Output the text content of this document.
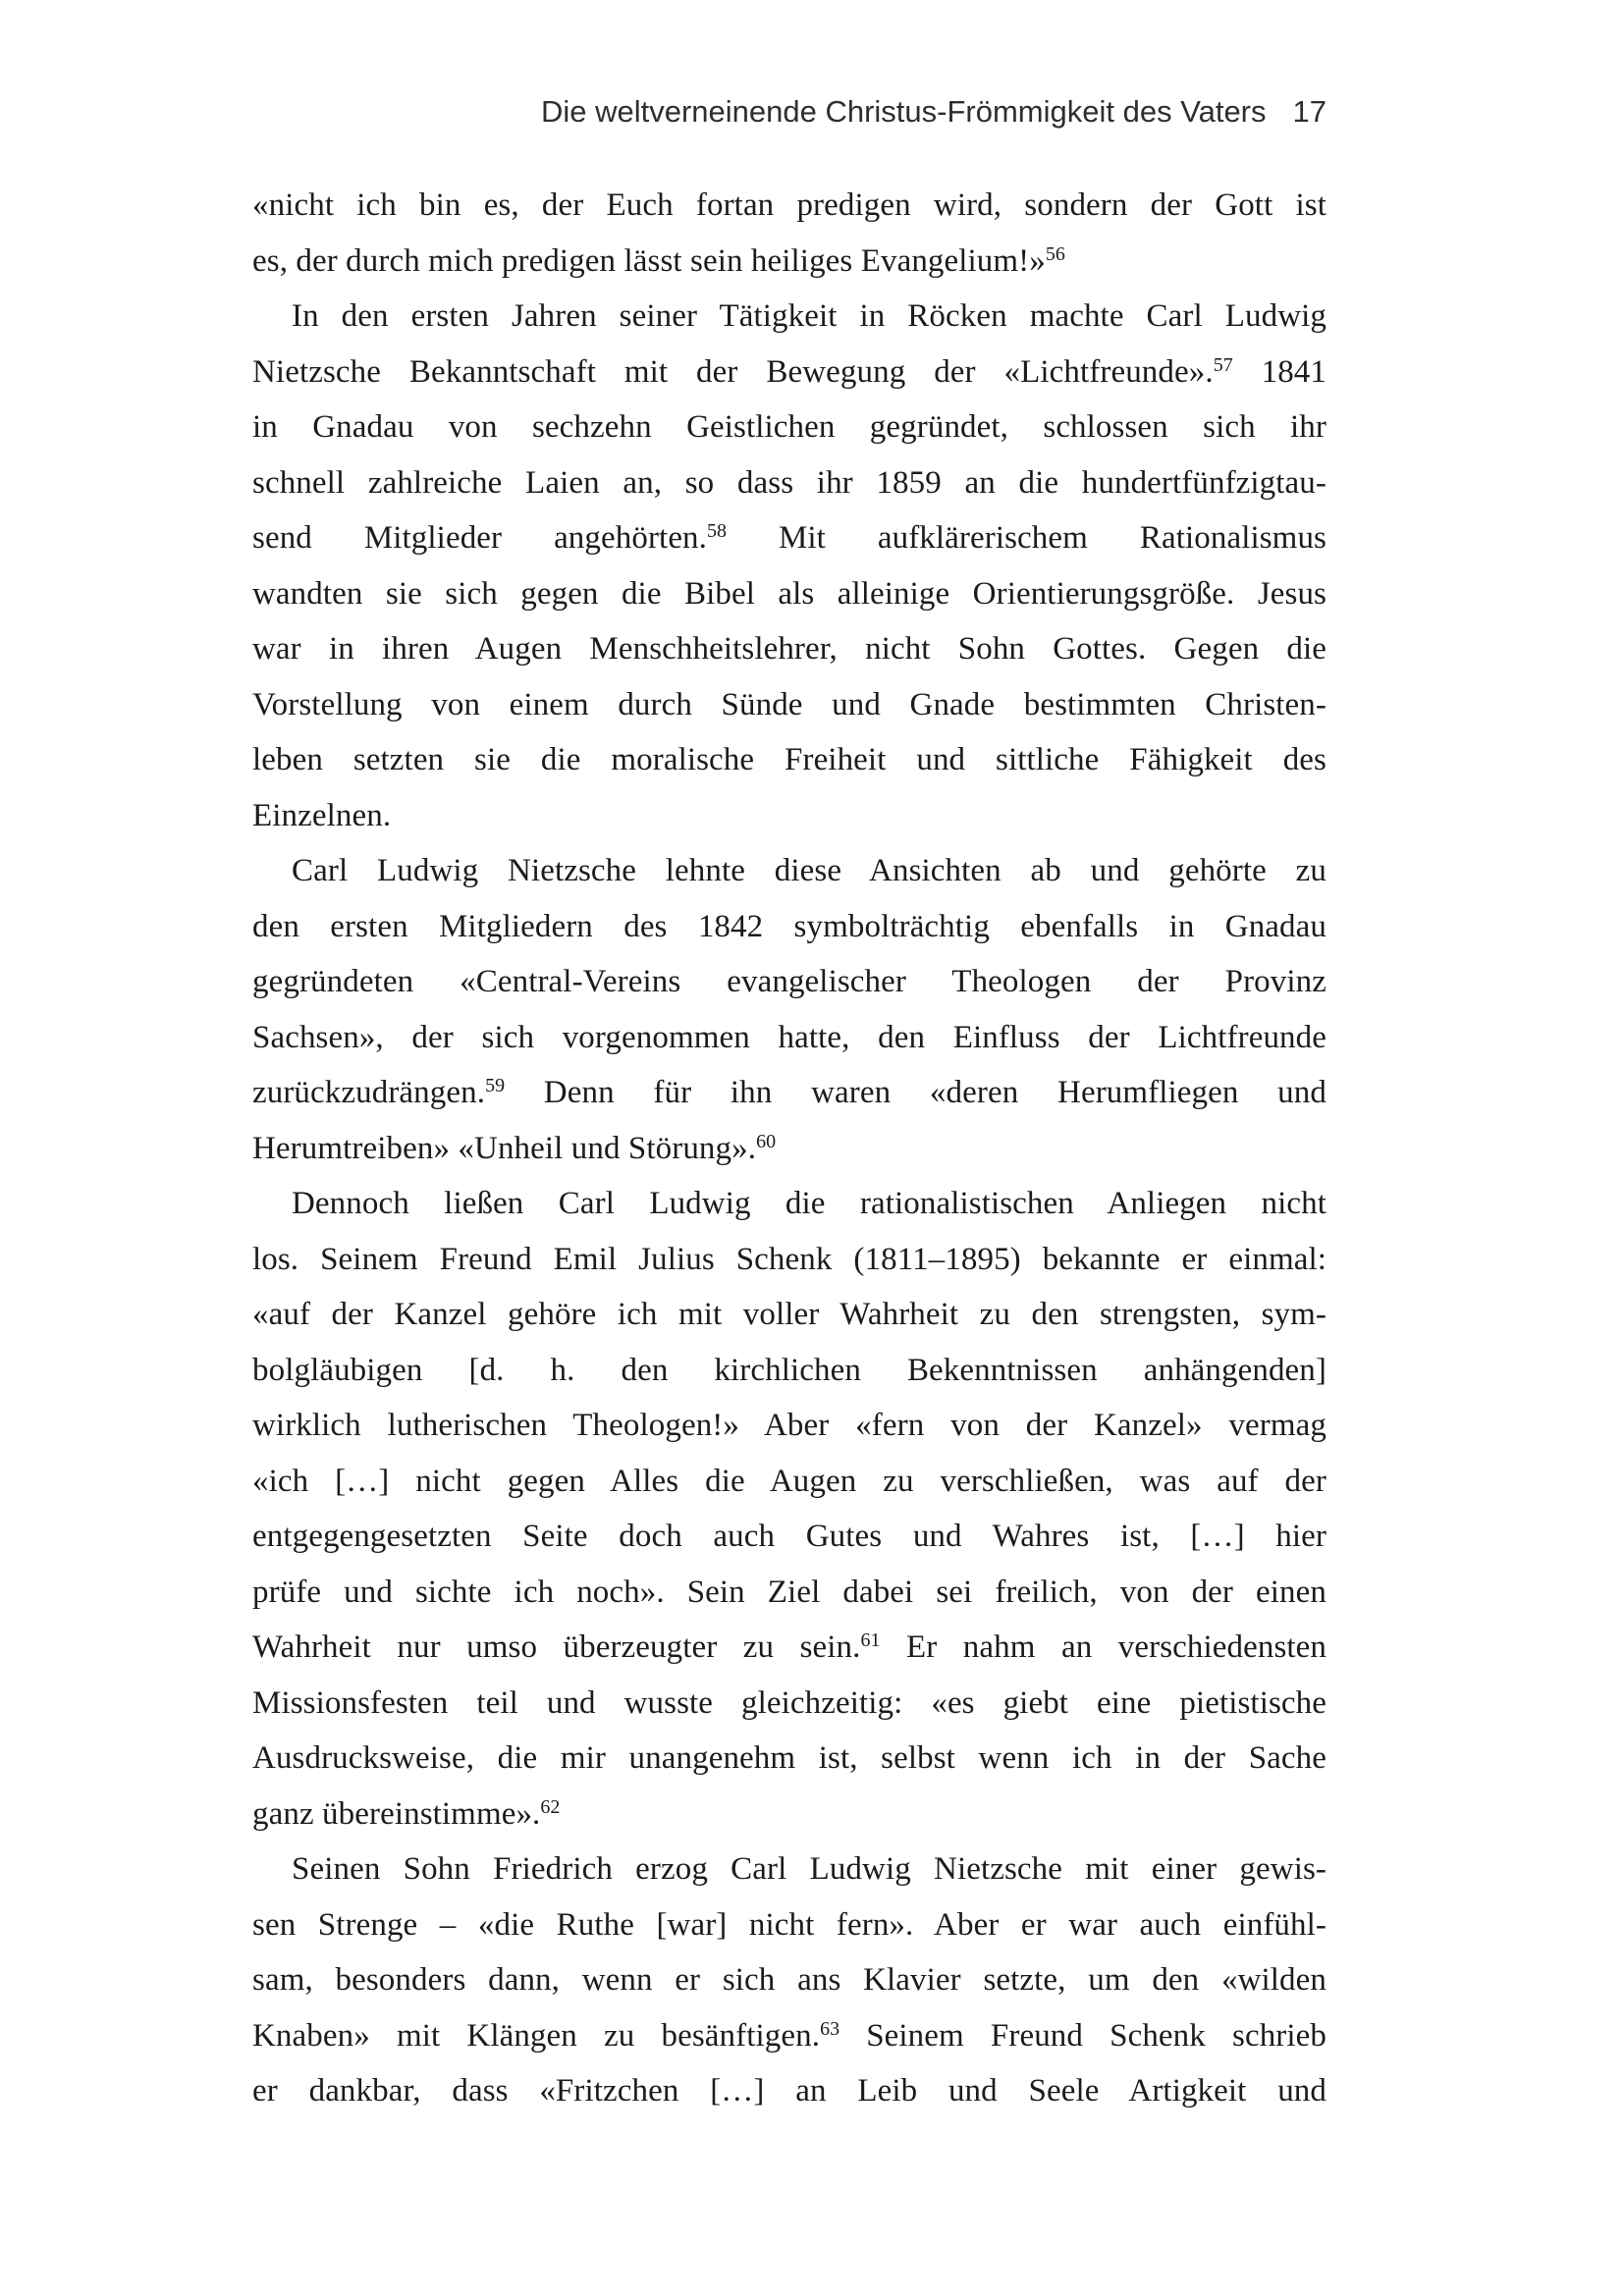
Die weltverneinende Christus-Frömmigkeit des Vaters 17
«nicht ich bin es, der Euch fortan predigen wird, sondern der Gott ist
es, der durch mich predigen lässt sein heiliges Evangelium!»$^{56}$
In den ersten Jahren seiner Tätigkeit in Röcken machte Carl Ludwig
Nietzsche Bekanntschaft mit der Bewegung der «Lichtfreunde».$^{57}$ 1841
in Gnadau von sechzehn Geistlichen gegründet, schlossen sich ihr
schnell zahlreiche Laien an, so dass ihr 1859 an die hundertfünfzigtau-
send Mitglieder angehörten.$^{58}$ Mit aufklärerischem Rationalismus
wandten sie sich gegen die Bibel als alleinige Orientierungsgröße. Jesus
war in ihren Augen Menschheitslehrer, nicht Sohn Gottes. Gegen die
Vorstellung von einem durch Sünde und Gnade bestimmten Christen-
leben setzten sie die moralische Freiheit und sittliche Fähigkeit des
Einzelnen.
Carl Ludwig Nietzsche lehnte diese Ansichten ab und gehörte zu
den ersten Mitgliedern des 1842 symbolträchtig ebenfalls in Gnadau
gegründeten «Central-Vereins evangelischer Theologen der Provinz
Sachsen», der sich vorgenommen hatte, den Einfluss der Lichtfreunde
zurückzudrängen.$^{59}$ Denn für ihn waren «deren Herumfliegen und
Herumtreiben» «Unheil und Störung».$^{60}$
Dennoch ließen Carl Ludwig die rationalistischen Anliegen nicht
los. Seinem Freund Emil Julius Schenk (1811–1895) bekannte er einmal:
«auf der Kanzel gehöre ich mit voller Wahrheit zu den strengsten, sym-
bolgläubigen [d. h. den kirchlichen Bekenntnissen anhängenden]
wirklich lutherischen Theologen!» Aber «fern von der Kanzel» vermag
«ich […] nicht gegen Alles die Augen zu verschließen, was auf der
entgegengesetzten Seite doch auch Gutes und Wahres ist, […] hier
prüfe und sichte ich noch». Sein Ziel dabei sei freilich, von der einen
Wahrheit nur umso überzeugter zu sein.$^{61}$ Er nahm an verschiedensten
Missionsfesten teil und wusste gleichzeitig: «es giebt eine pietistische
Ausdrucksweise, die mir unangenehm ist, selbst wenn ich in der Sache
ganz übereinstimme».$^{62}$
Seinen Sohn Friedrich erzog Carl Ludwig Nietzsche mit einer gewis-
sen Strenge – «die Ruthe [war] nicht fern». Aber er war auch einfühl-
sam, besonders dann, wenn er sich ans Klavier setzte, um den «wilden
Knaben» mit Klängen zu besänftigen.$^{63}$ Seinem Freund Schenk schrieb
er dankbar, dass «Fritzchen […] an Leib und Seele Artigkeit und
